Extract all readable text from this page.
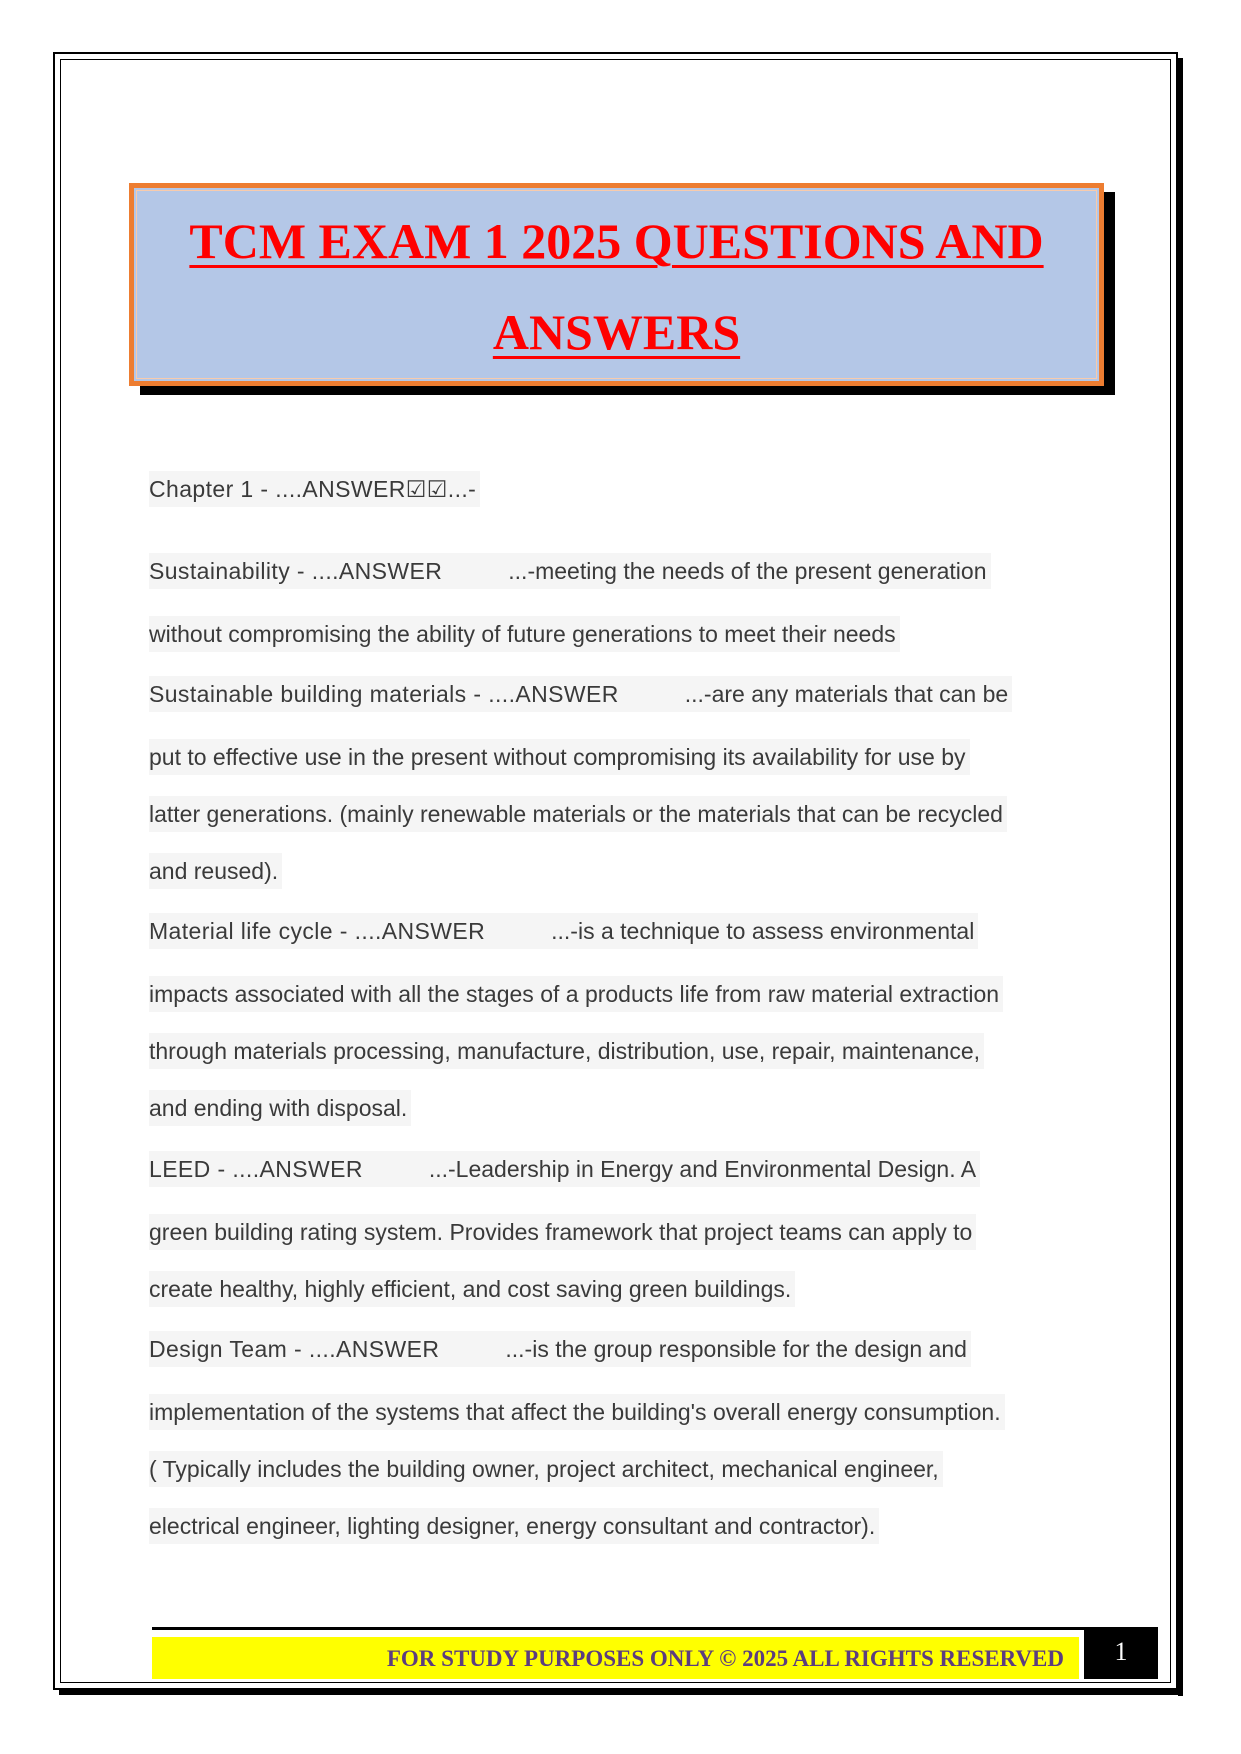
TCM EXAM 1 2025 QUESTIONS AND
ANSWERS
Chapter 1 - ....ANSWER☑☑...-
Sustainability - ....ANSWER	...-meeting the needs of the present generation
without compromising the ability of future generations to meet their needs
Sustainable building materials - ....ANSWER	...-are any materials that can be
put to effective use in the present without compromising its availability for use by
latter generations. (mainly renewable materials or the materials that can be recycled
and reused).
Material life cycle - ....ANSWER	...-is a technique to assess environmental
impacts associated with all the stages of a products life from raw material extraction
through materials processing, manufacture, distribution, use, repair, maintenance,
and ending with disposal.
LEED - ....ANSWER	...-Leadership in Energy and Environmental Design. A
green building rating system. Provides framework that project teams can apply to
create healthy, highly efficient, and cost saving green buildings.
Design Team - ....ANSWER	...-is the group responsible for the design and
implementation of the systems that affect the building's overall energy consumption.
( Typically includes the building owner, project architect, mechanical engineer,
electrical engineer, lighting designer, energy consultant and contractor).
FOR STUDY PURPOSES ONLY © 2025 ALL RIGHTS RESERVED	1
